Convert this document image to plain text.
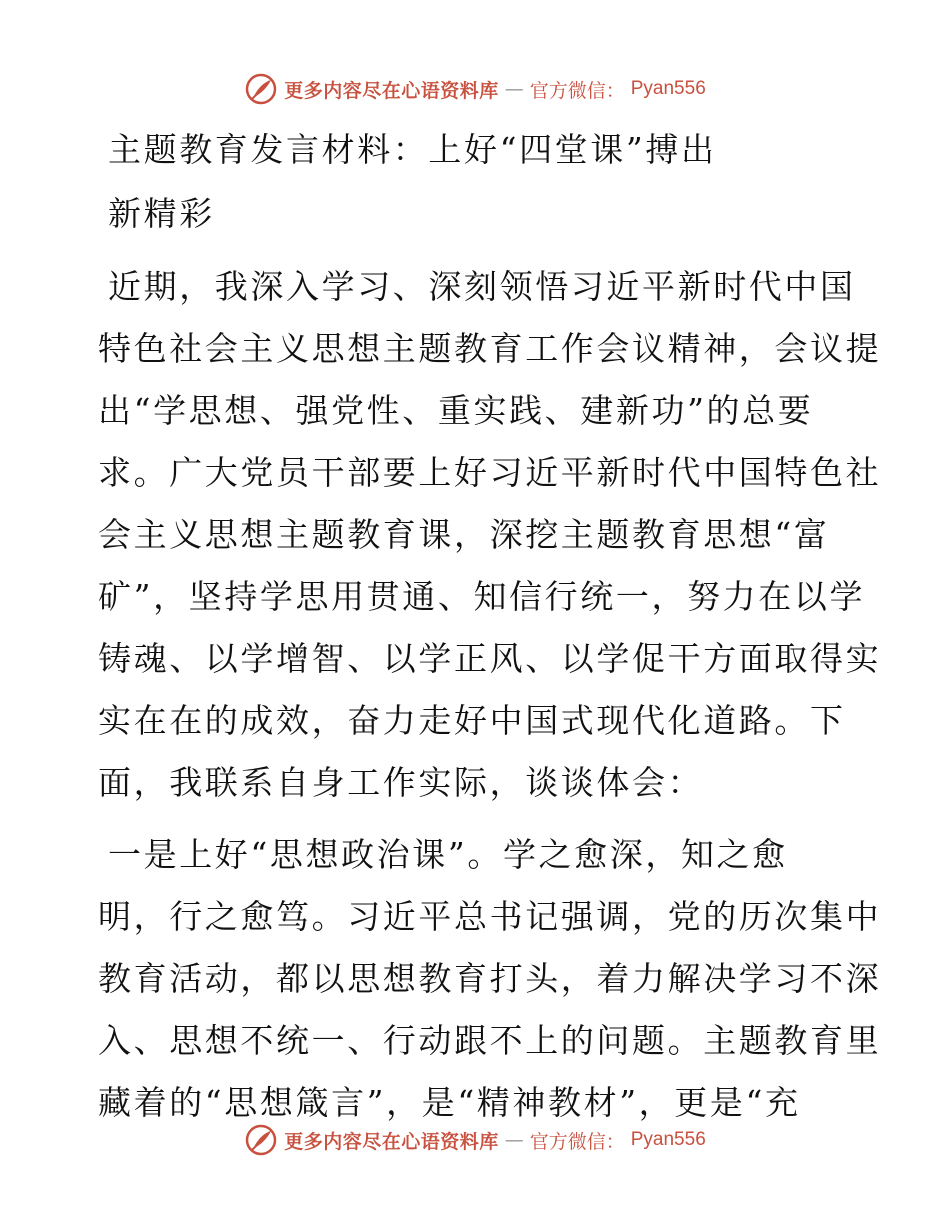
更多内容尽在心语资料库 — 官方微信： Pyan556
主题教育发言材料：上好“四堂课”搏出
新精彩
近期，我深入学习、深刻领悟习近平新时代中国
特色社会主义思想主题教育工作会议精神，会议提
出“学思想、强党性、重实践、建新功”的总要
求。广大党员干部要上好习近平新时代中国特色社
会主义思想主题教育课，深挖主题教育思想“富
矿”，坚持学思用贯通、知信行统一，努力在以学
铸魂、以学增智、以学正风、以学促干方面取得实
实在在的成效，奋力走好中国式现代化道路。下
面，我联系自身工作实际，谈谈体会：
一是上好“思想政治课”。学之愈深，知之愈
明，行之愈笃。习近平总书记强调，党的历次集中
教育活动，都以思想教育打头，着力解决学习不深
入、思想不统一、行动跟不上的问题。主题教育里
藏着的“思想箴言”，是“精神教材”，更是“充
更多内容尽在心语资料库 — 官方微信： Pyan556
